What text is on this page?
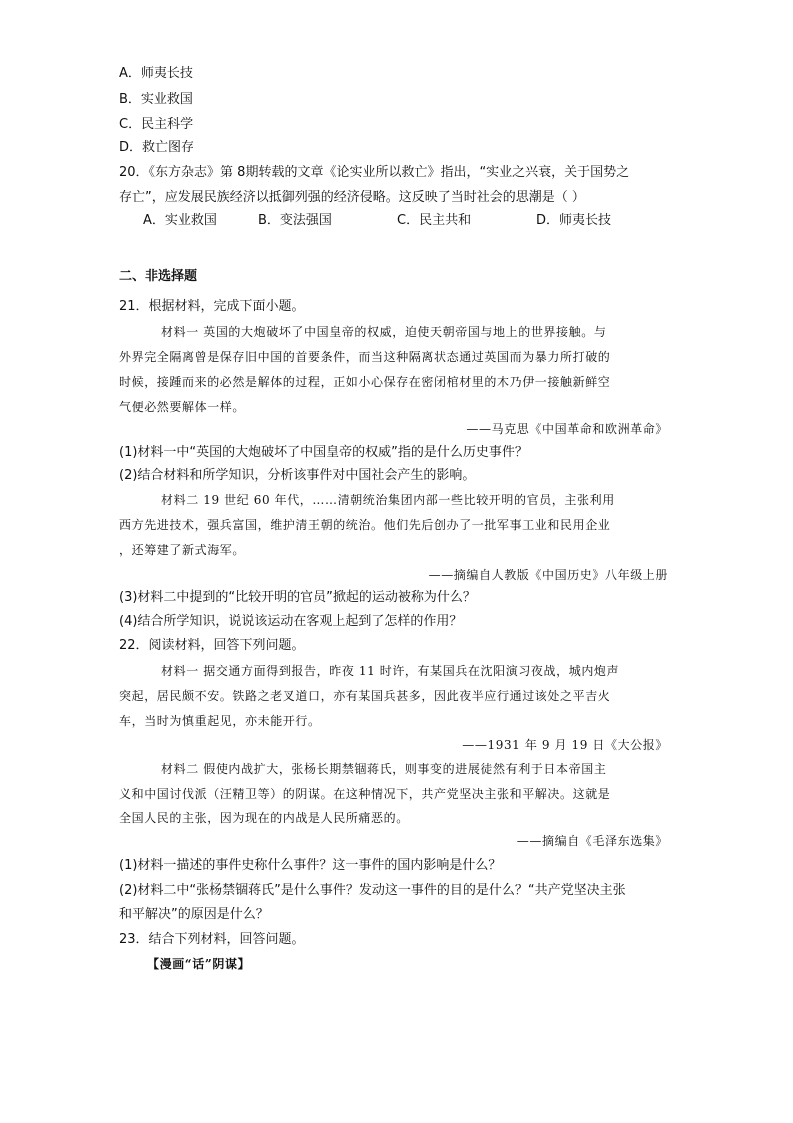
A．师夷长技
B．实业救国
C．民主科学
D．救亡图存
20．《东方杂志》第 8期转载的文章《论实业所以救亡》指出，“实业之兴衰，关于国势之
存亡”，应发展民族经济以抵御列强的经济侵略。这反映了当时社会的思潮是（ ）
A．实业救国	B．变法强国	C．民主共和	D．师夷长技
二、非选择题
21．根据材料，完成下面小题。
材料一 英国的大炮破坏了中国皇帝的权威，迫使天朝帝国与地上的世界接触。与
外界完全隔离曾是保存旧中国的首要条件，而当这种隔离状态通过英国而为暴力所打破的
时候，接踵而来的必然是解体的过程，正如小心保存在密闭棺材里的木乃伊一接触新鲜空
气便必然要解体一样。
——马克思《中国革命和欧洲革命》
(1)材料一中“英国的大炮破坏了中国皇帝的权威”指的是什么历史事件？
(2)结合材料和所学知识，分析该事件对中国社会产生的影响。
材料二 19 世纪 60 年代，……清朝统治集团内部一些比较开明的官员，主张利用
西方先进技术，强兵富国，维护清王朝的统治。他们先后创办了一批军事工业和民用企业
，还筹建了新式海军。
——摘编自人教版《中国历史》八年级上册
(3)材料二中提到的“比较开明的官员”掀起的运动被称为什么？
(4)结合所学知识，说说该运动在客观上起到了怎样的作用？
22．阅读材料，回答下列问题。
材料一 据交通方面得到报告，昨夜 11 时许，有某国兵在沈阳演习夜战，城内炮声
突起，居民颇不安。铁路之老叉道口，亦有某国兵甚多，因此夜半应行通过该处之平吉火
车，当时为慎重起见，亦未能开行。
——1931 年 9 月 19 日《大公报》
材料二 假使内战扩大，张杨长期禁锢蒋氏，则事变的进展徒然有利于日本帝国主
义和中国讨伐派（汪精卫等）的阴谋。在这种情况下，共产党坚决主张和平解决。这就是
全国人民的主张，因为现在的内战是人民所痛恶的。
——摘编自《毛泽东选集》
(1)材料一描述的事件史称什么事件？这一事件的国内影响是什么？
(2)材料二中“张杨禁锢蒋氏”是什么事件？发动这一事件的目的是什么？“共产党坚决主张
和平解决”的原因是什么？
23．结合下列材料，回答问题。
【漫画“话”阴谋】
